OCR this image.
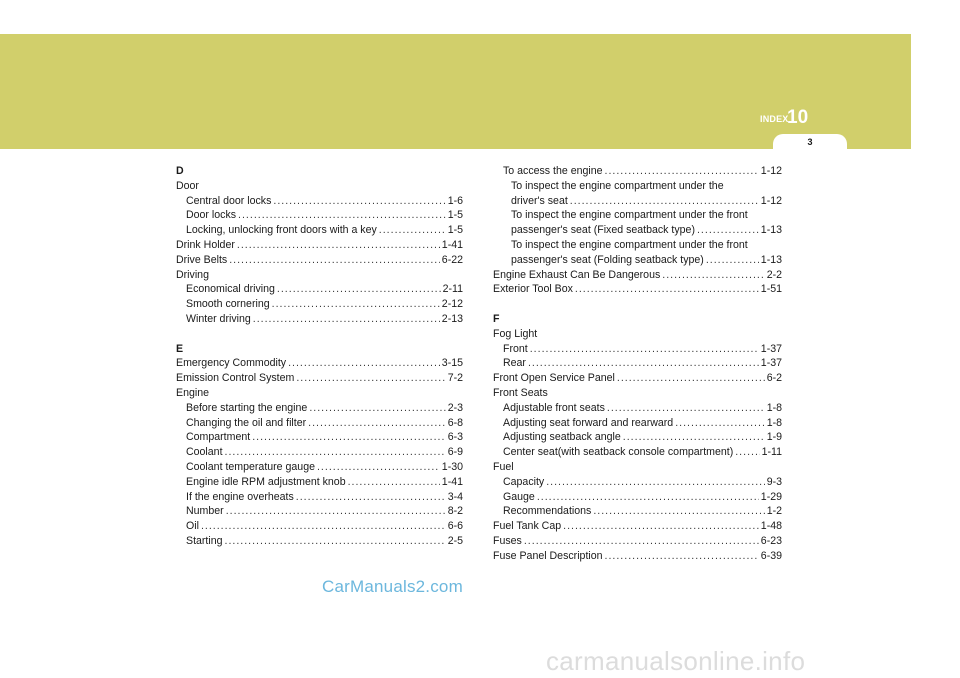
INDEX
10
3
D
Door
Central door locks .....	1-6
Door locks .....	1-5
Locking, unlocking front doors with a key .....	1-5
Drink Holder .....	1-41
Drive Belts .....	6-22
Driving
Economical driving .....	2-11
Smooth cornering .....	2-12
Winter driving .....	2-13
E
Emergency Commodity .....	3-15
Emission Control System .....	7-2
Engine
Before starting the engine .....	2-3
Changing the oil and filter .....	6-8
Compartment .....	6-3
Coolant .....	6-9
Coolant temperature gauge .....	1-30
Engine idle RPM adjustment knob .....	1-41
If the engine overheats .....	3-4
Number .....	8-2
Oil .....	6-6
Starting .....	2-5
To access the engine .....	1-12
To inspect the engine compartment under the
driver's seat .....	1-12
To inspect the engine compartment under the front
passenger's seat (Fixed seatback type) .....	1-13
To inspect the engine compartment under the front
passenger's seat (Folding seatback type) .....	1-13
Engine Exhaust Can Be Dangerous .....	2-2
Exterior Tool Box .....	1-51
F
Fog Light
Front .....	1-37
Rear .....	1-37
Front Open Service Panel .....	6-2
Front Seats
Adjustable front seats .....	1-8
Adjusting seat forward and rearward .....	1-8
Adjusting seatback angle .....	1-9
Center seat(with seatback console compartment) .....	1-11
Fuel
Capacity .....	9-3
Gauge .....	1-29
Recommendations .....	1-2
Fuel Tank Cap .....	1-48
Fuses .....	6-23
Fuse Panel Description .....	6-39
CarManuals2.com
carmanualsonline.info
